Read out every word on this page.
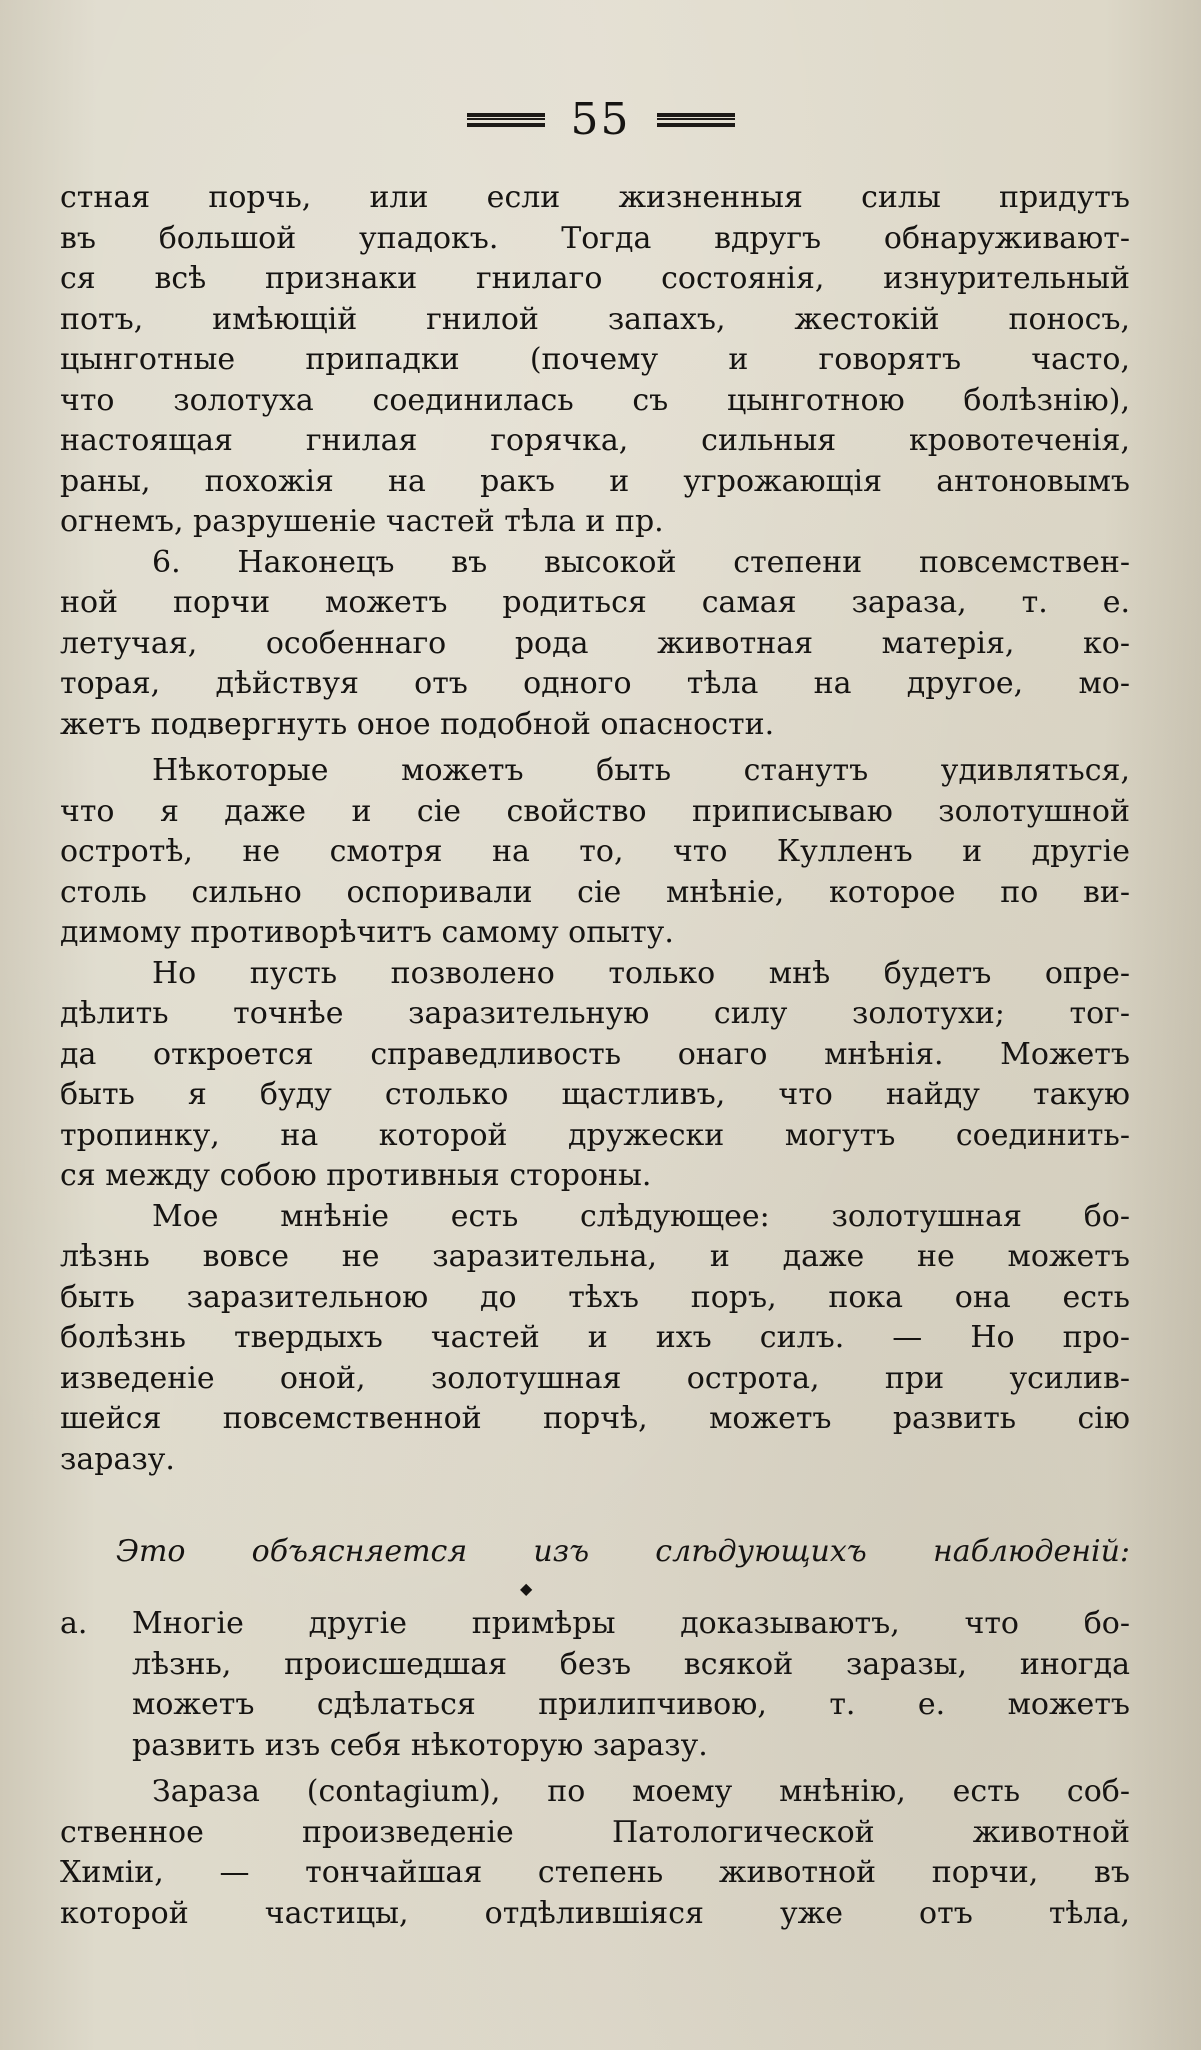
55
стная порчь, или если жизненныя силы придутъ
въ большой упадокъ. Тогда вдругъ обнаруживают-
ся всѣ признаки гнилаго состоянія, изнурительный
потъ, имѣющій гнилой запахъ, жестокій поносъ,
цынготные припадки (почему и говорятъ часто,
что золотуха соединилась съ цынготною болѣзнію),
настоящая гнилая горячка, сильныя кровотеченія,
раны, похожія на ракъ и угрожающія антоновымъ
огнемъ, разрушеніе частей тѣла и пр.
6. Наконецъ въ высокой степени повсемствен-
ной порчи можетъ родиться самая зараза, т. е.
летучая, особеннаго рода животная матерія, ко-
торая, дѣйствуя отъ одного тѣла на другое, мо-
жетъ подвергнуть оное подобной опасности.
Нѣкоторые можетъ быть станутъ удивляться,
что я даже и сіе свойство приписываю золотушной
остротѣ, не смотря на то, что Кулленъ и другіе
столь сильно оспоривали сіе мнѣніе, которое по ви-
димому противорѣчитъ самому опыту.
Но пусть позволено только мнѣ будетъ опре-
дѣлить точнѣе заразительную силу золотухи; тог-
да откроется справедливость онаго мнѣнія. Можетъ
быть я буду столько щастливъ, что найду такую
тропинку, на которой дружески могутъ соединить-
ся между собою противныя стороны.
Мое мнѣніе есть слѣдующее: золотушная бо-
лѣзнь вовсе не заразительна, и даже не можетъ
быть заразительною до тѣхъ поръ, пока она есть
болѣзнь твердыхъ частей и ихъ силъ. — Но про-
изведеніе оной, золотушная острота, при усилив-
шейся повсемственной порчѣ, можетъ развить сію
заразу.
Это объясняется изъ слѣдующихъ наблюденій:
◆
а. Многіе другіе примѣры доказываютъ, что бо-
лѣзнь, происшедшая безъ всякой заразы, иногда
можетъ сдѣлаться прилипчивою, т. е. можетъ
развить изъ себя нѣкоторую заразу.
Зараза (contagium), по моему мнѣнію, есть соб-
ственное произведеніе Патологической животной
Химіи, — тончайшая степень животной порчи, въ
которой частицы, отдѣлившіяся уже отъ тѣла,
